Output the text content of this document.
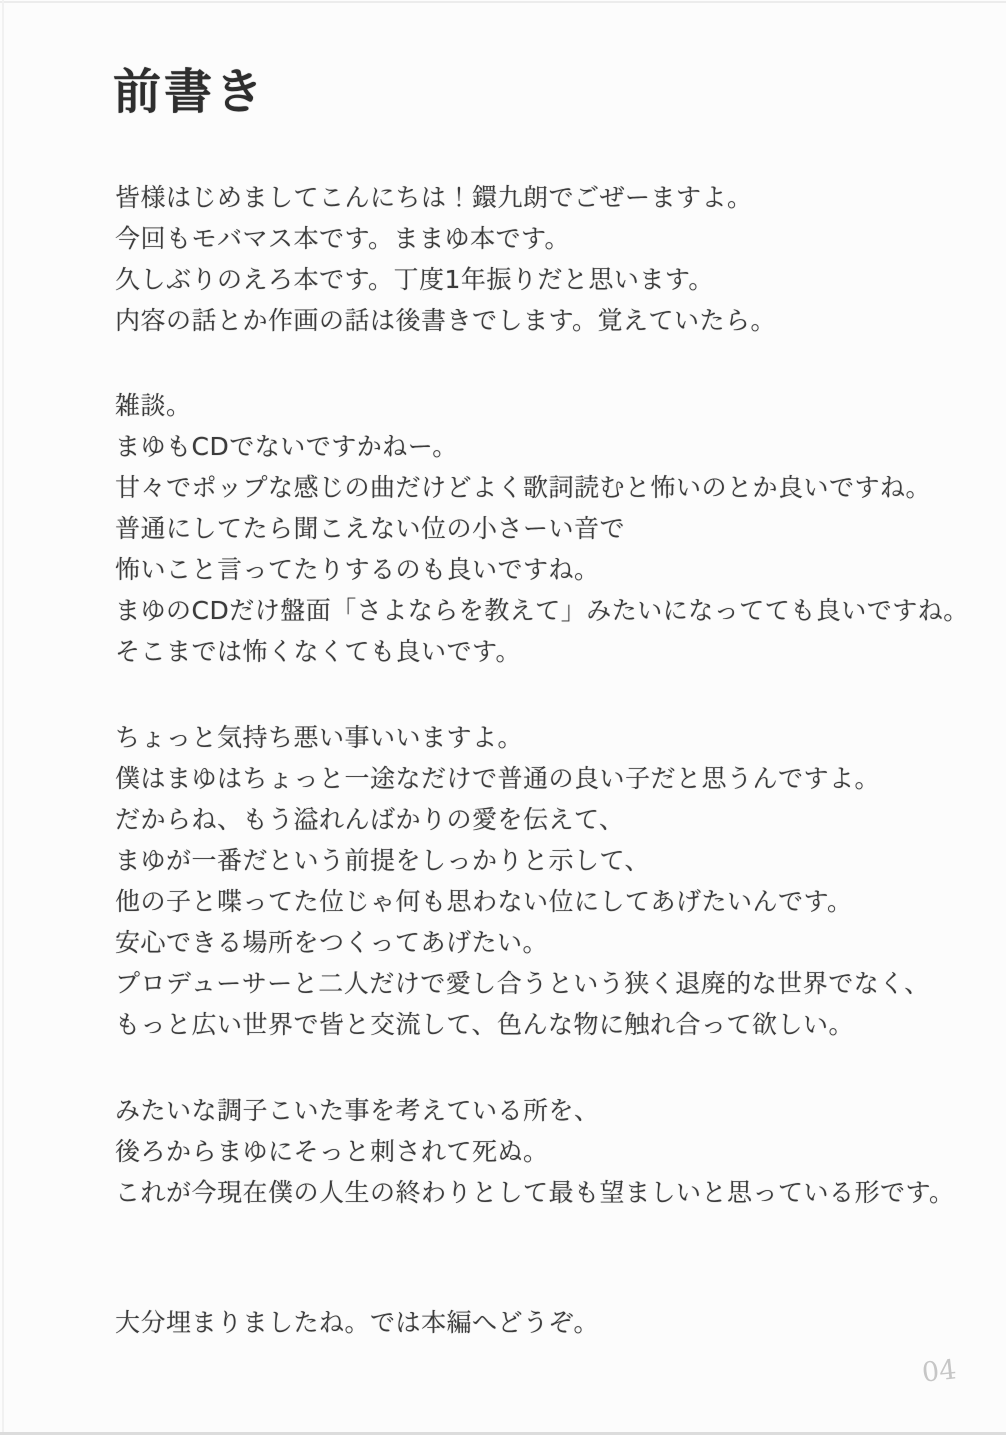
前書き
皆様はじめましてこんにちは！鐶九朗でごぜーますよ。
今回もモバマス本です。ままゆ本です。
久しぶりのえろ本です。丁度1年振りだと思います。
内容の話とか作画の話は後書きでします。覚えていたら。
雑談。
まゆもCDでないですかねー。
甘々でポップな感じの曲だけどよく歌詞読むと怖いのとか良いですね。
普通にしてたら聞こえない位の小さーい音で
怖いこと言ってたりするのも良いですね。
まゆのCDだけ盤面「さよならを教えて」みたいになってても良いですね。
そこまでは怖くなくても良いです。
ちょっと気持ち悪い事いいますよ。
僕はまゆはちょっと一途なだけで普通の良い子だと思うんですよ。
だからね、もう溢れんばかりの愛を伝えて、
まゆが一番だという前提をしっかりと示して、
他の子と喋ってた位じゃ何も思わない位にしてあげたいんです。
安心できる場所をつくってあげたい。
プロデューサーと二人だけで愛し合うという狭く退廃的な世界でなく、
もっと広い世界で皆と交流して、色んな物に触れ合って欲しい。
みたいな調子こいた事を考えている所を、
後ろからまゆにそっと刺されて死ぬ。
これが今現在僕の人生の終わりとして最も望ましいと思っている形です。
大分埋まりましたね。では本編へどうぞ。
04
